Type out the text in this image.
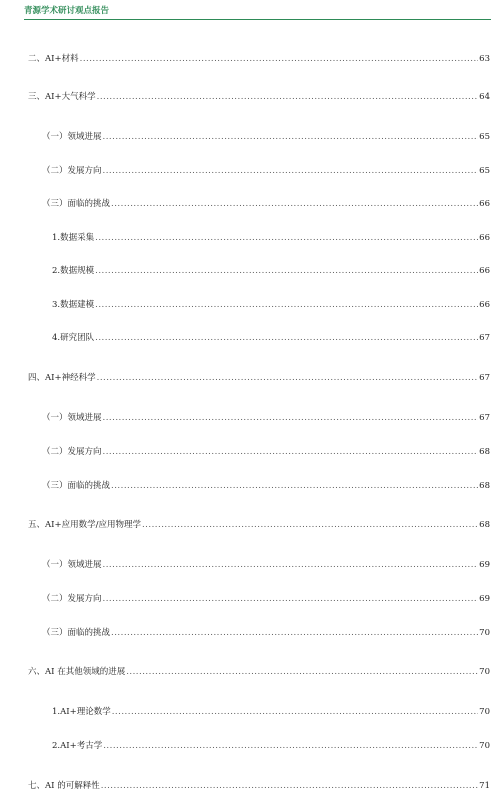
青源学术研讨观点报告
二、AI+材料 .....	63
三、AI+大气科学 .....	64
（一）领域进展 .....	65
（二）发展方向 .....	65
（三）面临的挑战 .....	66
1.数据采集 .....	66
2.数据规模 .....	66
3.数据建模 .....	66
4.研究团队 .....	67
四、AI+神经科学 .....	67
（一）领域进展 .....	67
（二）发展方向 .....	68
（三）面临的挑战 .....	68
五、AI+应用数学/应用物理学 .....	68
（一）领域进展 .....	69
（二）发展方向 .....	69
（三）面临的挑战 .....	70
六、AI 在其他领域的进展 .....	70
1.AI+理论数学 .....	70
2.AI+考古学 .....	70
七、AI 的可解释性 .....	71
